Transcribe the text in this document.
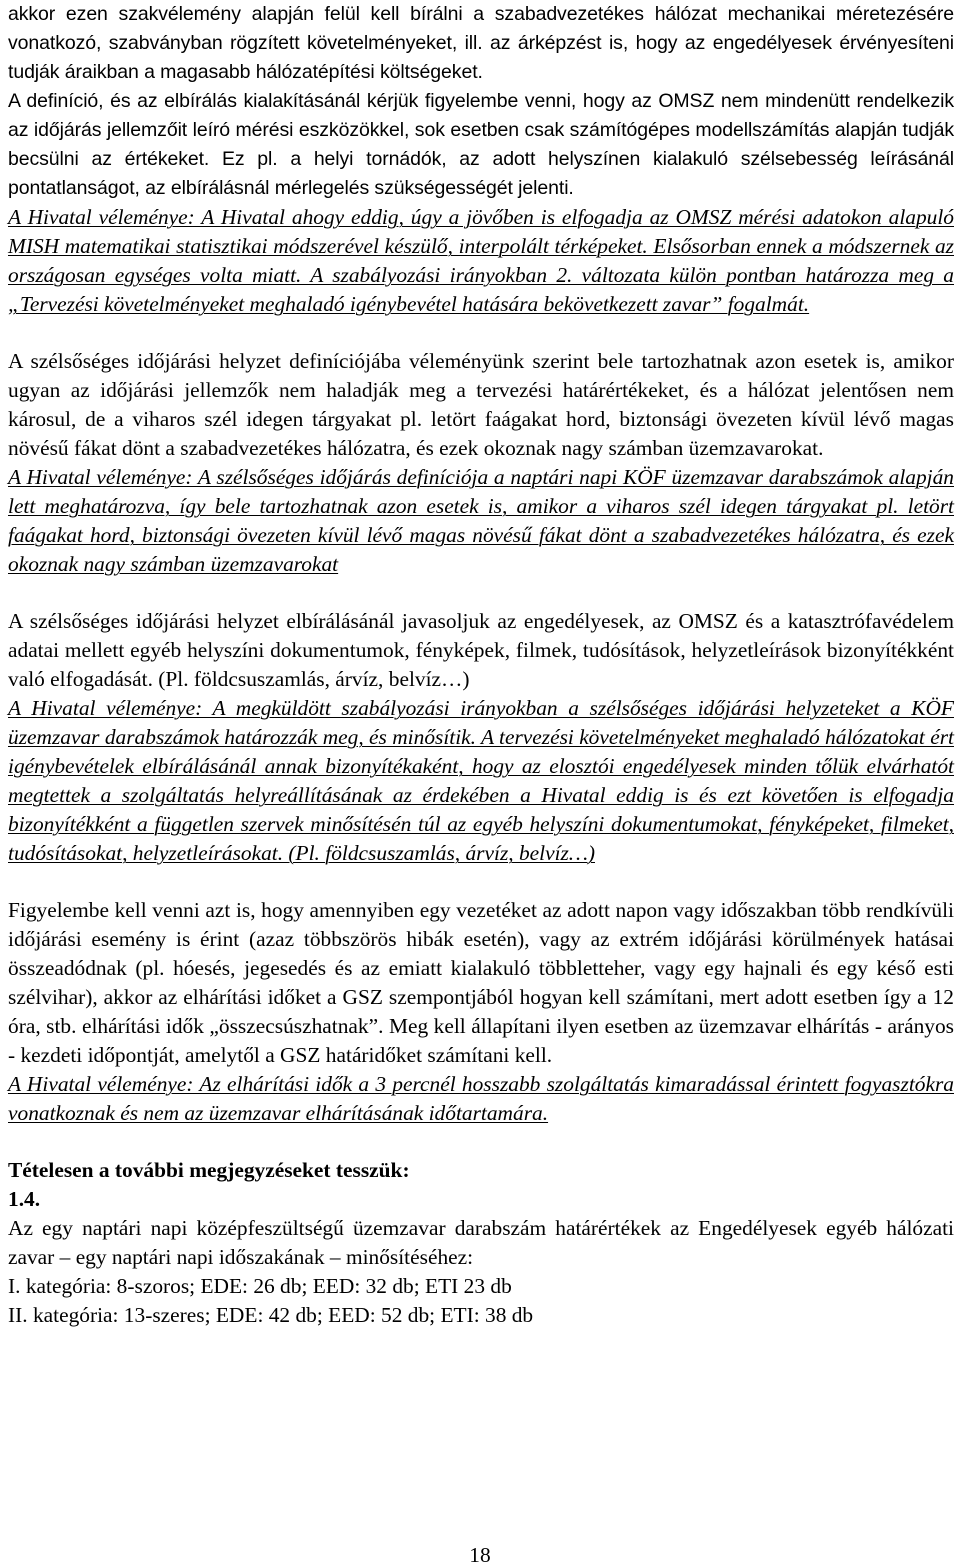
akkor ezen szakvélemény alapján felül kell bírálni a szabadvezetékes hálózat mechanikai méretezésére vonatkozó, szabványban rögzített követelményeket, ill. az árképzést is, hogy az engedélyesek érvényesíteni tudják áraikban a magasabb hálózatépítési költségeket.

A definíció, és az elbírálás kialakításánál kérjük figyelembe venni, hogy az OMSZ nem mindenütt rendelkezik az időjárás jellemzőit leíró mérési eszközökkel, sok esetben csak számítógépes modellszámítás alapján tudják becsülni az értékeket. Ez pl. a helyi tornádók, az adott helyszínen kialakuló szélsebesség leírásánál pontatlanságot, az elbírálásnál mérlegelés szükségességét jelenti.

A Hivatal véleménye: A Hivatal ahogy eddig, úgy a jövőben is elfogadja az OMSZ mérési adatokon alapuló MISH matematikai statisztikai módszerével készülő, interpolált térképeket. Elsősorban ennek a módszernek az országosan egységes volta miatt. A szabályozási irányokban 2. változata külön pontban határozza meg a „Tervezési követelményeket meghaladó igénybevétel hatására bekövetkezett zavar” fogalmát.

A szélsőséges időjárási helyzet definíciójába véleményünk szerint bele tartozhatnak azon esetek is, amikor ugyan az időjárási jellemzők nem haladják meg a tervezési határértékeket, és a hálózat jelentősen nem károsul, de a viharos szél idegen tárgyakat pl. letört faágakat hord, biztonsági övezeten kívül lévő magas növésű fákat dönt a szabadvezetékes hálózatra, és ezek okoznak nagy számban üzemzavarokat.

A Hivatal véleménye: A szélsőséges időjárás definíciója a naptári napi KÖF üzemzavar darabszámok alapján lett meghatározva, így bele tartozhatnak azon esetek is, amikor a viharos szél idegen tárgyakat pl. letört faágakat hord, biztonsági övezeten kívül lévő magas növésű fákat dönt a szabadvezetékes hálózatra, és ezek okoznak nagy számban üzemzavarokat

A szélsőséges időjárási helyzet elbírálásánál javasoljuk az engedélyesek, az OMSZ és a katasztrófavédelem adatai mellett egyéb helyszíni dokumentumok, fényképek, filmek, tudósítások, helyzetleírások bizonyítékként való elfogadását. (Pl. földcsuszamlás, árvíz, belvíz…)

A Hivatal véleménye: A megküldött szabályozási irányokban a szélsőséges időjárási helyzeteket a KÖF üzemzavar darabszámok határozzák meg, és minősítik. A tervezési követelményeket meghaladó hálózatokat ért igénybevételek elbírálásánál annak bizonyítékaként, hogy az elosztói engedélyesek minden tőlük elvárhatót megtettek a szolgáltatás helyreállításának az érdekében a Hivatal eddig is és ezt követően is elfogadja bizonyítékként a független szervek minősítésén túl az egyéb helyszíni dokumentumokat, fényképeket, filmeket, tudósításokat, helyzetleírásokat. (Pl. földcsuszamlás, árvíz, belvíz…)

Figyelembe kell venni azt is, hogy amennyiben egy vezetéket az adott napon vagy időszakban több rendkívüli időjárási esemény is érint (azaz többszörös hibák esetén), vagy az extrém időjárási körülmények hatásai összeadódnak (pl. hóesés, jegesedés és az emiatt kialakuló többletteher, vagy egy hajnali és egy késő esti szélvihar), akkor az elhárítási időket a GSZ szempontjából hogyan kell számítani, mert adott esetben így a 12 óra, stb. elhárítási idők „összecsúszhatnak”. Meg kell állapítani ilyen esetben az üzemzavar elhárítás - arányos - kezdeti időpontját, amelytől a GSZ határidőket számítani kell.

A Hivatal véleménye: Az elhárítási idők a 3 percnél hosszabb szolgáltatás kimaradással érintett fogyasztókra vonatkoznak és nem az üzemzavar elhárításának időtartamára.

Tételesen a további megjegyzéseket tesszük:

1.4.

Az egy naptári napi középfeszültségű üzemzavar darabszám határértékek az Engedélyesek egyéb hálózati zavar – egy naptári napi időszakának – minősítéséhez:

I. kategória: 8-szoros; EDE: 26 db; EED: 32 db; ETI 23 db

II. kategória: 13-szeres; EDE: 42 db; EED: 52 db; ETI: 38 db

18
